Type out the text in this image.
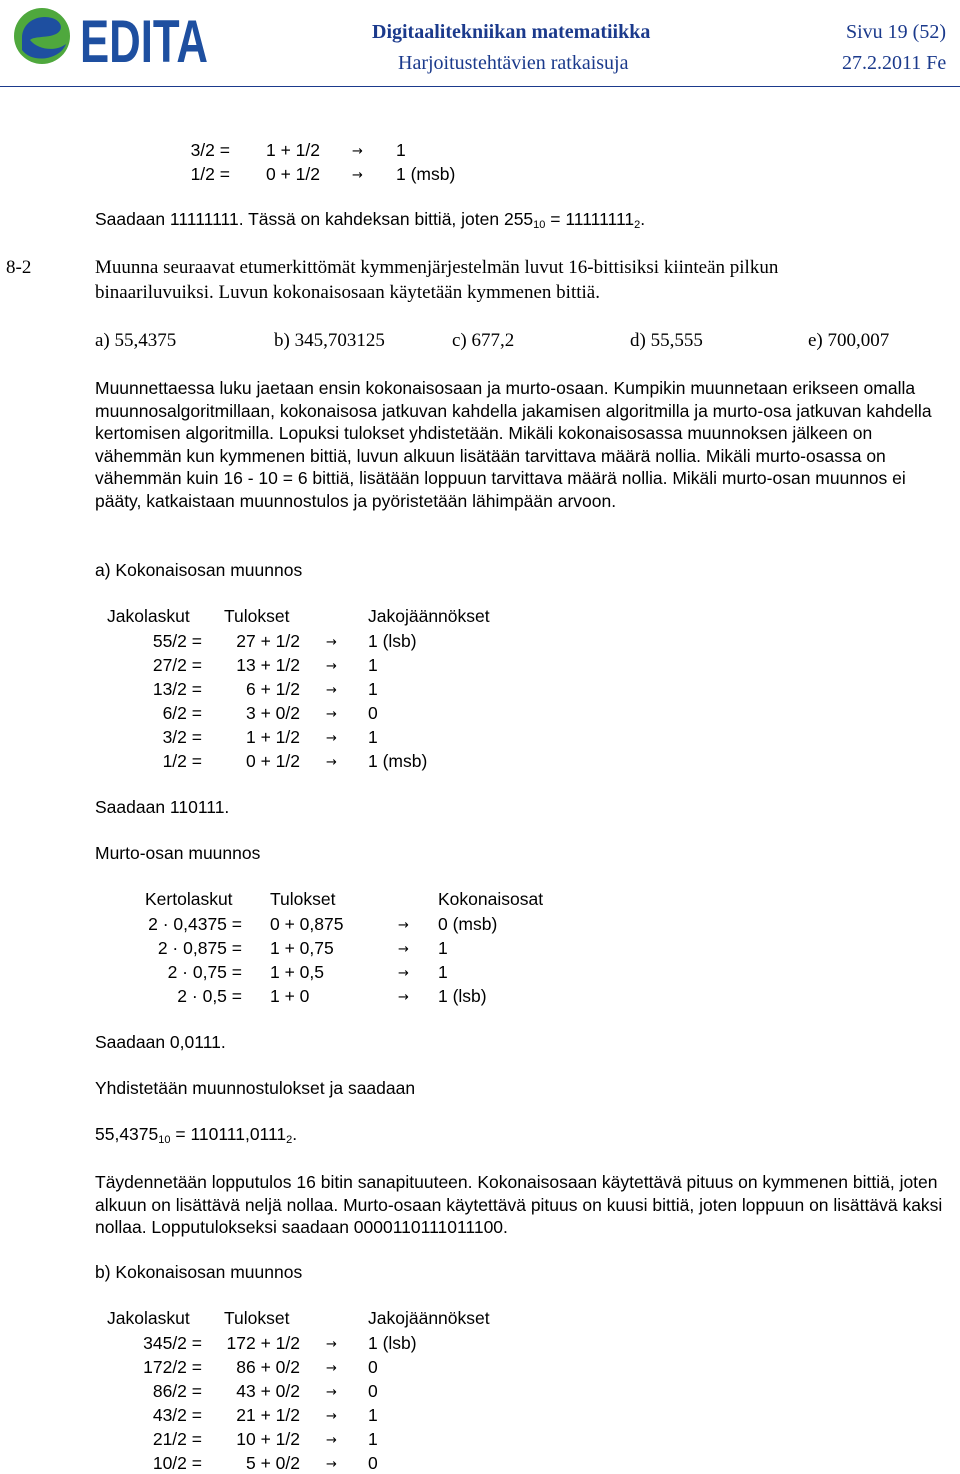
EDITA	Digitaalitekniikan matematiikka	Sivu 19 (52)
Harjoitustehtävien ratkaisuja	27.2.2011 Fe
3/2 = 1 + 1/2 → 1
1/2 = 0 + 1/2 → 1 (msb)
Saadaan 11111111. Tässä on kahdeksan bittiä, joten $255_{10} = 11111111_2$.
8-2	Muunna seuraavat etumerkittömät kymmenjärjestelmän luvut 16-bittisiksi kiinteän pilkun
binaariluvuiksi. Luvun kokonaisosaan käytetään kymmenen bittiä.
a) 55,4375	b) 345,703125	c) 677,2	d) 55,555	e) 700,007
Muunnettaessa luku jaetaan ensin kokonaisosaan ja murto-osaan. Kumpikin muunnetaan erikseen omalla muunnosalgoritmillaan, kokonaisosa jatkuvan kahdella jakamisen algoritmilla ja murto-osa jatkuvan kahdella kertomisen algoritmilla. Lopuksi tulokset yhdistetään. Mikäli kokonaisosassa muunnoksen jälkeen on vähemmän kun kymmenen bittiä, luvun alkuun lisätään tarvittava määrä nollia. Mikäli murto-osassa on vähemmän kuin 16 - 10 = 6 bittiä, lisätään loppuun tarvittava määrä nollia. Mikäli murto-osan muunnos ei pääty, katkaistaan muunnostulos ja pyöristetään lähimpään arvoon.
a) Kokonaisosan muunnos
Jakolaskut Tulokset	Jakojäännökset
55/2 =	27 + 1/2 → 1 (lsb)
27/2 =	13 + 1/2 → 1
13/2 =	6 + 1/2 → 1
6/2 =	3 + 0/2 → 0
3/2 =	1 + 1/2 → 1
1/2 =	0 + 1/2 → 1 (msb)
Saadaan 110111.
Murto-osan muunnos
Kertolaskut Tulokset	Kokonaisosat
2 · 0,4375 = 0 + 0,875	→ 0 (msb)
2 · 0,875 = 1 + 0,75	→ 1
2 · 0,75 = 1 + 0,5	→ 1
2 · 0,5 = 1 + 0	→ 1 (lsb)
Saadaan 0,0111.
Yhdistetään muunnostulokset ja saadaan
$55,4375_{10} = 110111,0111_2$.
Täydennetään lopputulos 16 bitin sanapituuteen. Kokonaisosaan käytettävä pituus on kymmenen bittiä, joten alkuun on lisättävä neljä nollaa. Murto-osaan käytettävä pituus on kuusi bittiä, joten loppuun on lisättävä kaksi nollaa. Lopputulokseksi saadaan 0000110111011100.
b) Kokonaisosan muunnos
Jakolaskut Tulokset	Jakojäännökset
345/2 =	172 + 1/2 → 1 (lsb)
172/2 =	86 + 0/2 → 0
86/2 =	43 + 0/2 → 0
43/2 =	21 + 1/2 → 1
21/2 =	10 + 1/2 → 1
10/2 =	5 + 0/2 → 0
